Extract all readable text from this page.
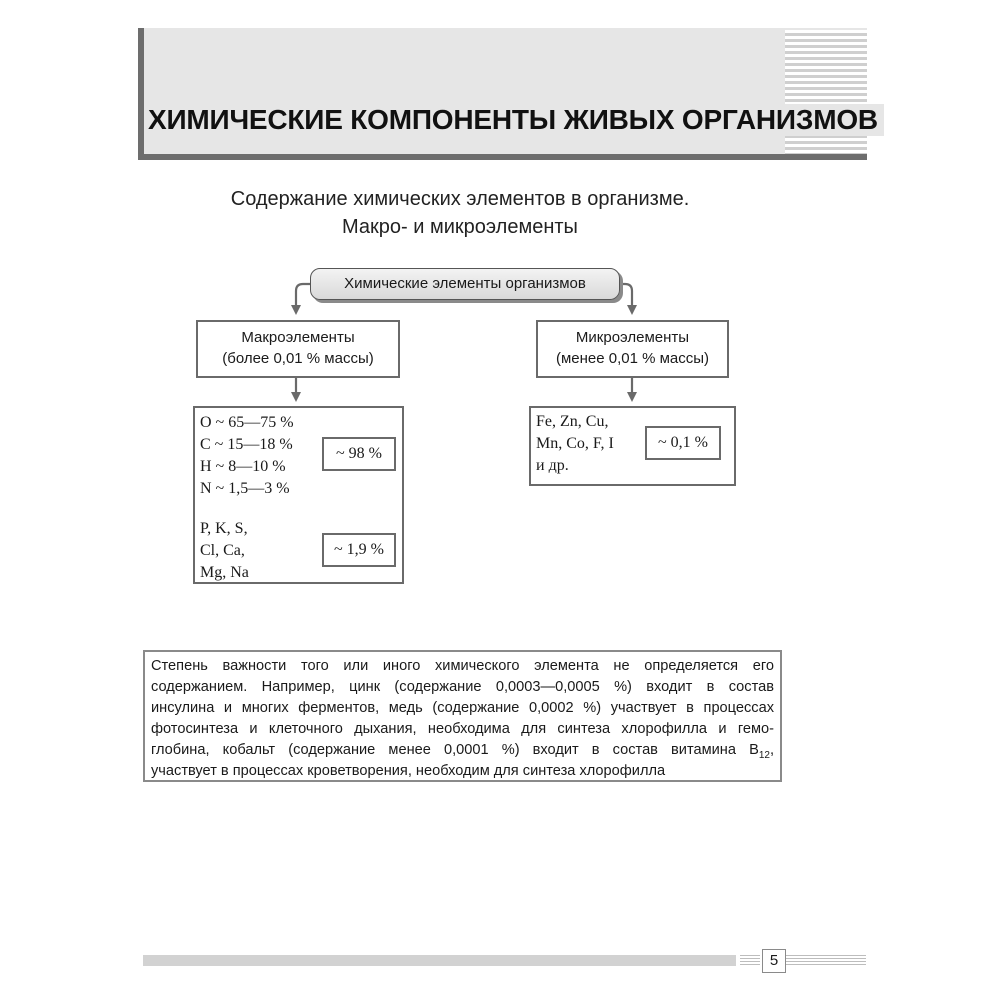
ХИМИЧЕСКИЕ КОМПОНЕНТЫ ЖИВЫХ ОРГАНИЗМОВ
Содержание химических элементов в организме.
Макро- и микроэлементы
Химические элементы организмов
Макроэлементы
(более 0,01 % массы)
Микроэлементы
(менее 0,01 % массы)
O ~ 65—75 %
C ~ 15—18 %
H ~ 8—10 %
N ~ 1,5—3 %
P, K, S,
Cl, Ca,
Mg, Na
~ 98 %
~ 1,9 %
Fe, Zn, Cu,
Mn, Co, F, I
и др.
~ 0,1 %
Степень важности того или иного химического элемента не определяется его
содержанием. Например, цинк (содержание 0,0003—0,0005 %) входит в состав
инсулина и многих ферментов, медь (содержание 0,0002 %) участвует в процессах
фотосинтеза и клеточного дыхания, необходима для синтеза хлорофилла и гемо-
глобина, кобальт (содержание менее 0,0001 %) входит в состав витамина $B_{12}$,
участвует в процессах кроветворения, необходим для синтеза хлорофилла
5
